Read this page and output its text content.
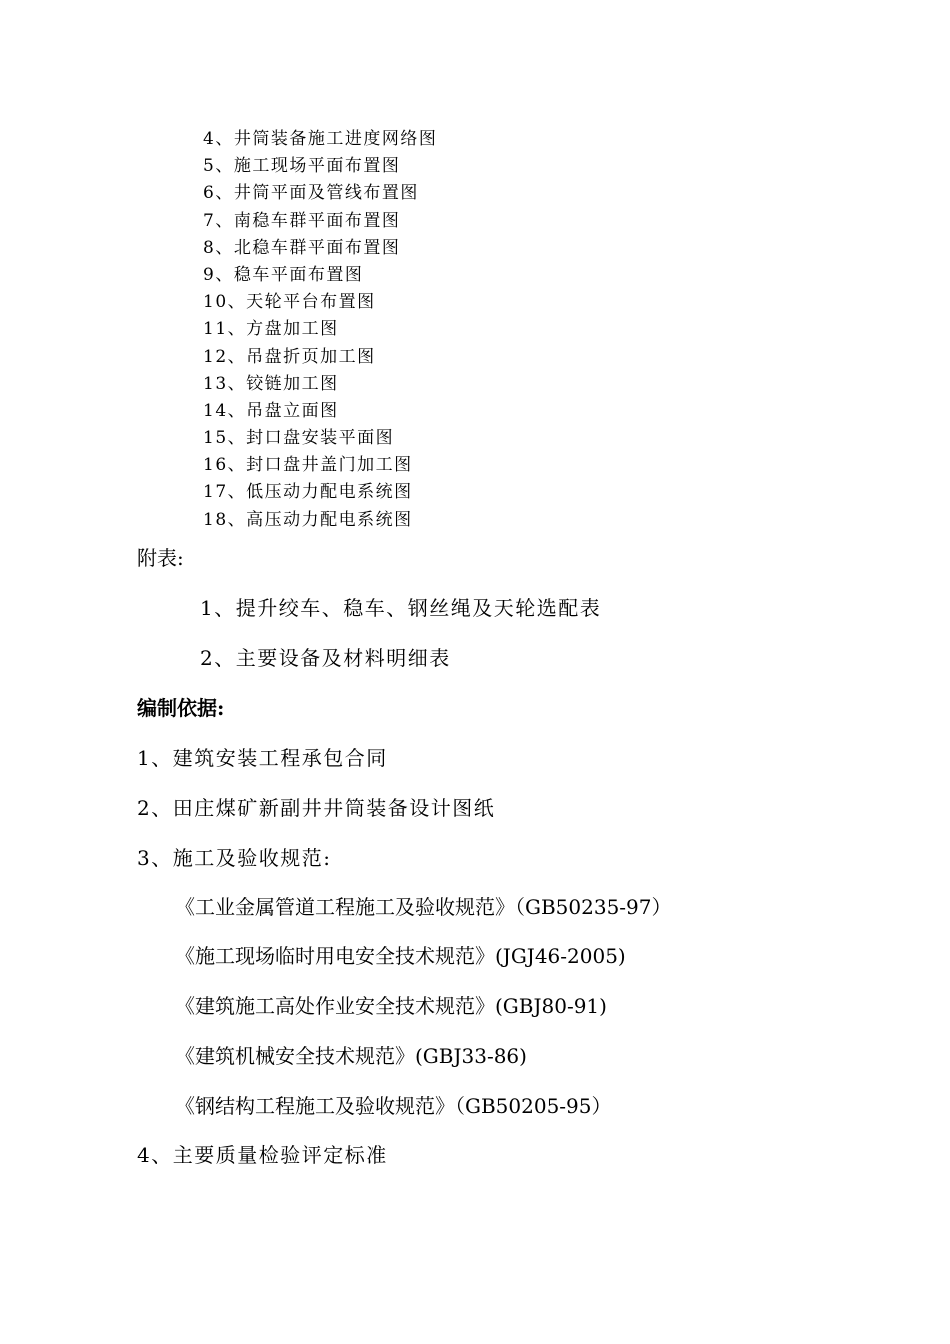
4、井筒装备施工进度网络图
5、施工现场平面布置图
6、井筒平面及管线布置图
7、南稳车群平面布置图
8、北稳车群平面布置图
9、稳车平面布置图
10、天轮平台布置图
11、方盘加工图
12、吊盘折页加工图
13、铰链加工图
14、吊盘立面图
15、封口盘安装平面图
16、封口盘井盖门加工图
17、低压动力配电系统图
18、高压动力配电系统图
附表:
1、提升绞车、稳车、钢丝绳及天轮选配表
2、主要设备及材料明细表
编制依据:
1、建筑安装工程承包合同
2、田庄煤矿新副井井筒装备设计图纸
3、施工及验收规范:
《工业金属管道工程施工及验收规范》（GB50235-97）
《施工现场临时用电安全技术规范》(JGJ46-2005)
《建筑施工高处作业安全技术规范》(GBJ80-91)
《建筑机械安全技术规范》(GBJ33-86)
《钢结构工程施工及验收规范》（GB50205-95）
4、主要质量检验评定标准
